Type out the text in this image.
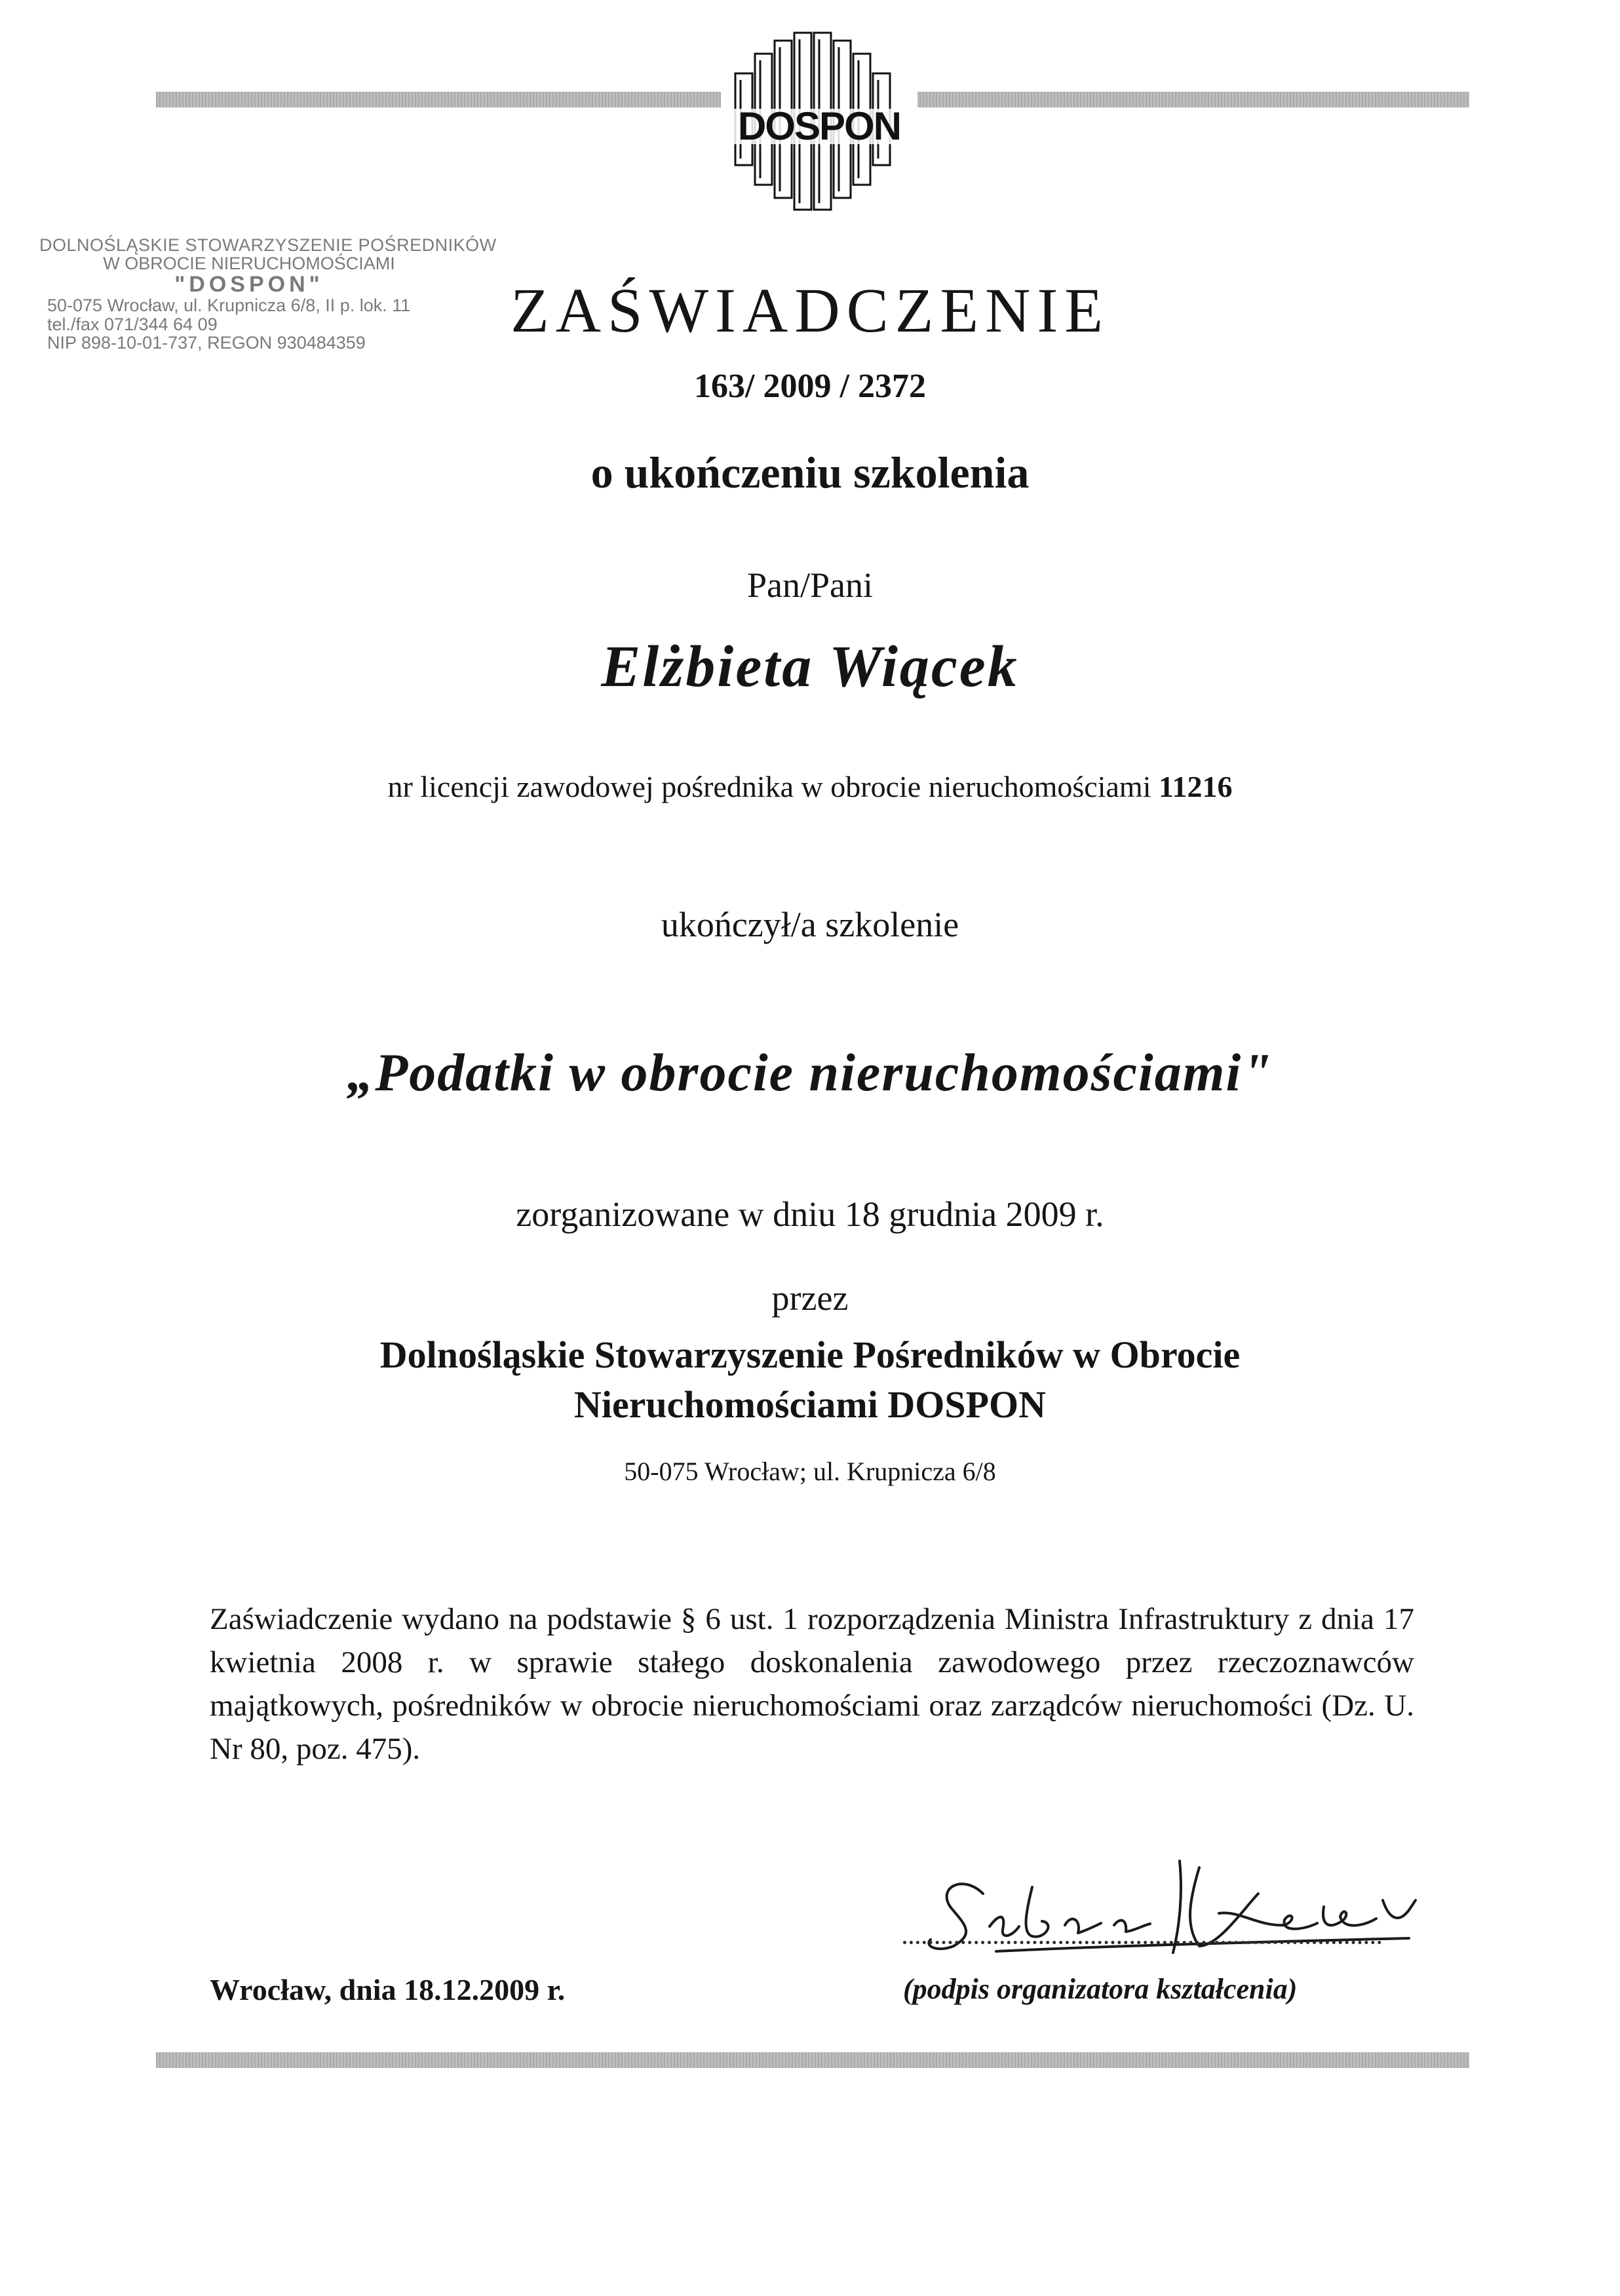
DOSPON
DOLNOŚLĄSKIE STOWARZYSZENIE POŚREDNIKÓW
W OBROCIE NIERUCHOMOŚCIAMI
"DOSPON"
50-075 Wrocław, ul. Krupnicza 6/8, II p. lok. 11
tel./fax 071/344 64 09
NIP 898-10-01-737, REGON 930484359	ZAŚWIADCZENIE
163/ 2009 / 2372
o ukończeniu szkolenia
Pan/Pani
Elżbieta Wiącek
nr licencji zawodowej pośrednika w obrocie nieruchomościami 11216
ukończył/a szkolenie
„Podatki w obrocie nieruchomościami"
zorganizowane w dniu 18 grudnia 2009 r.
przez
Dolnośląskie Stowarzyszenie Pośredników w Obrocie
Nieruchomościami DOSPON
50-075 Wrocław; ul. Krupnicza 6/8
Zaświadczenie wydano na podstawie § 6 ust. 1 rozporządzenia Ministra Infrastruktury z dnia 17 kwietnia 2008 r. w sprawie stałego doskonalenia zawodowego przez rzeczoznawców majątkowych, pośredników w obrocie nieruchomościami oraz zarządców nieruchomości (Dz. U. Nr 80, poz. 475).
Wrocław, dnia 18.12.2009 r.	(podpis organizatora kształcenia)
